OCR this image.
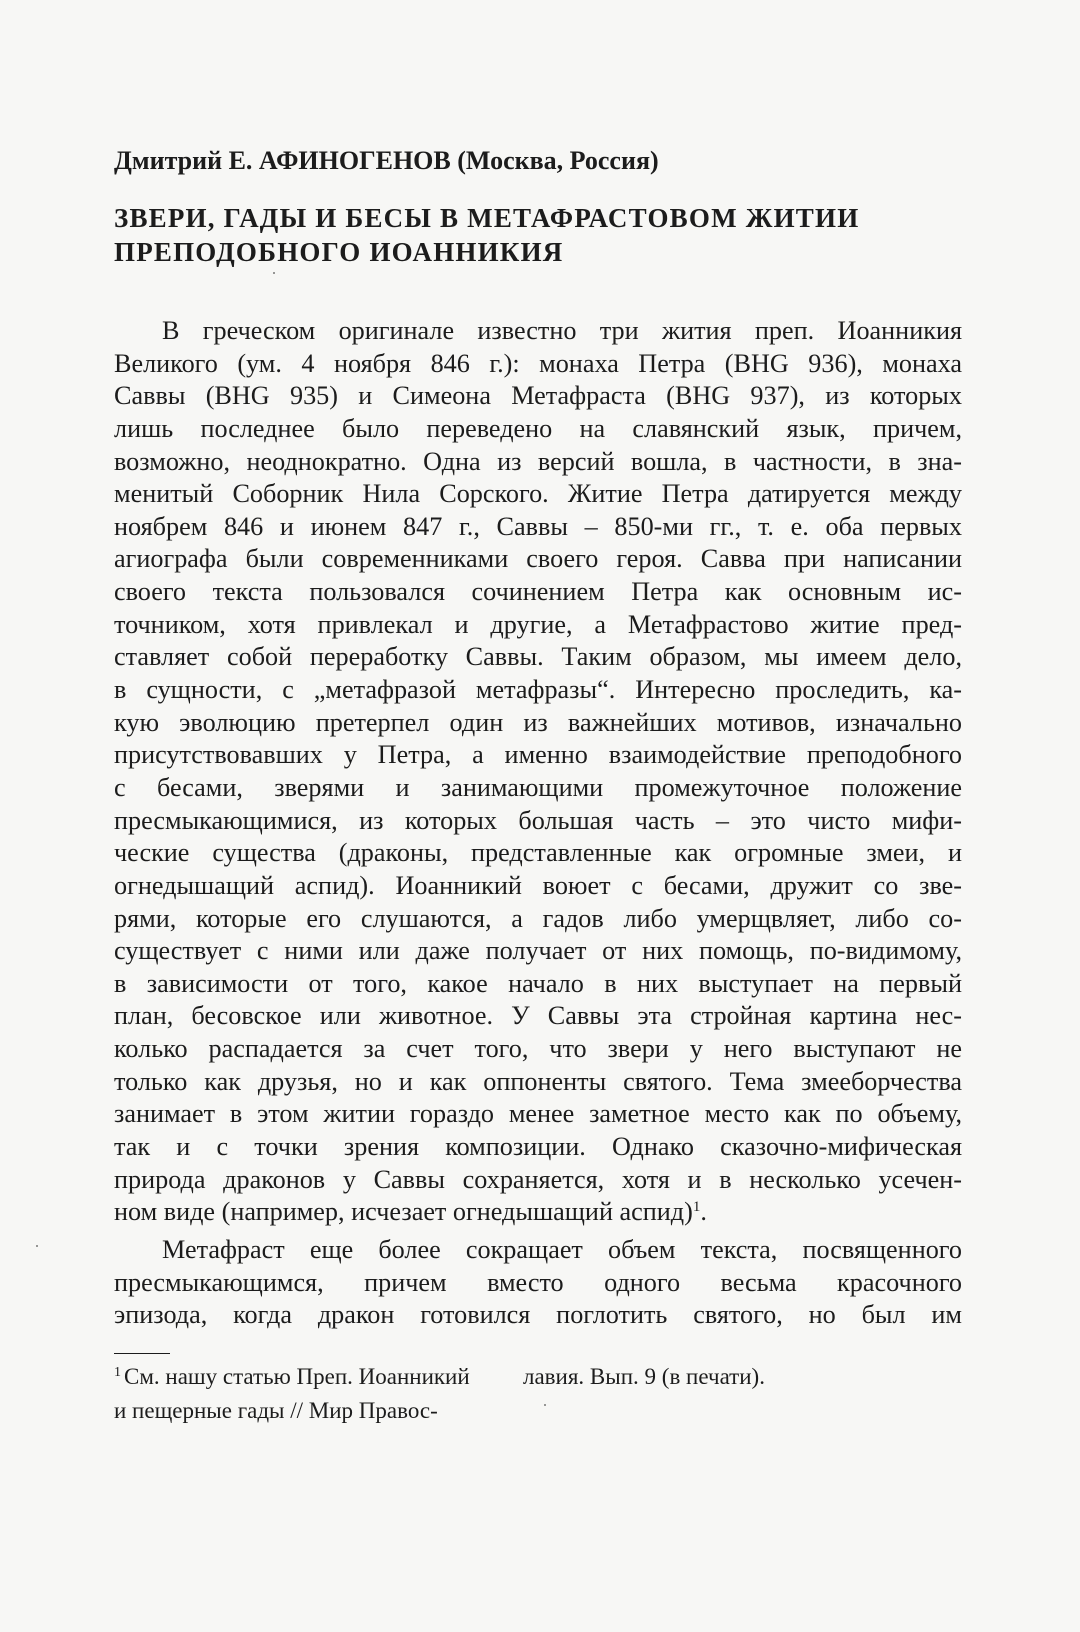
Дмитрий Е. АФИНОГЕНОВ (Москва, Россия)
ЗВЕРИ, ГАДЫ И БЕСЫ В МЕТАФРАСТОВОМ ЖИТИИ
ПРЕПОДОБНОГО ИОАННИКИЯ
В греческом оригинале известно три жития преп. Иоанникия
Великого (ум. 4 ноября 846 г.): монаха Петра (BHG 936), монаха
Саввы (BHG 935) и Симеона Метафраста (BHG 937), из которых
лишь последнее было переведено на славянский язык, причем,
возможно, неоднократно. Одна из версий вошла, в частности, в зна-
менитый Соборник Нила Сорского. Житие Петра датируется между
ноябрем 846 и июнем 847 г., Саввы – 850-ми гг., т. е. оба первых
агиографа были современниками своего героя. Савва при написании
своего текста пользовался сочинением Петра как основным ис-
точником, хотя привлекал и другие, а Метафрастово житие пред-
ставляет собой переработку Саввы. Таким образом, мы имеем дело,
в сущности, с „метафразой метафразы“. Интересно проследить, ка-
кую эволюцию претерпел один из важнейших мотивов, изначально
присутствовавших у Петра, а именно взаимодействие преподобного
с бесами, зверями и занимающими промежуточное положение
пресмыкающимися, из которых большая часть – это чисто мифи-
ческие существа (драконы, представленные как огромные змеи, и
огнедышащий аспид). Иоанникий воюет с бесами, дружит со зве-
рями, которые его слушаются, а гадов либо умерщвляет, либо со-
существует с ними или даже получает от них помощь, по-видимому,
в зависимости от того, какое начало в них выступает на первый
план, бесовское или животное. У Саввы эта стройная картина нес-
колько распадается за счет того, что звери у него выступают не
только как друзья, но и как оппоненты святого. Тема змееборчества
занимает в этом житии гораздо менее заметное место как по объему,
так и с точки зрения композиции. Однако сказочно-мифическая
природа драконов у Саввы сохраняется, хотя и в несколько усечен-
ном виде (например, исчезает огнедышащий аспид)$^1$.
Метафраст еще более сокращает объем текста, посвященного
пресмыкающимся, причем вместо одного весьма красочного
эпизода, когда дракон готовился поглотить святого, но был им
$^1$ См. нашу статью Преп. Иоанникий
и пещерные гады // Мир Правос-
лавия. Вып. 9 (в печати).
